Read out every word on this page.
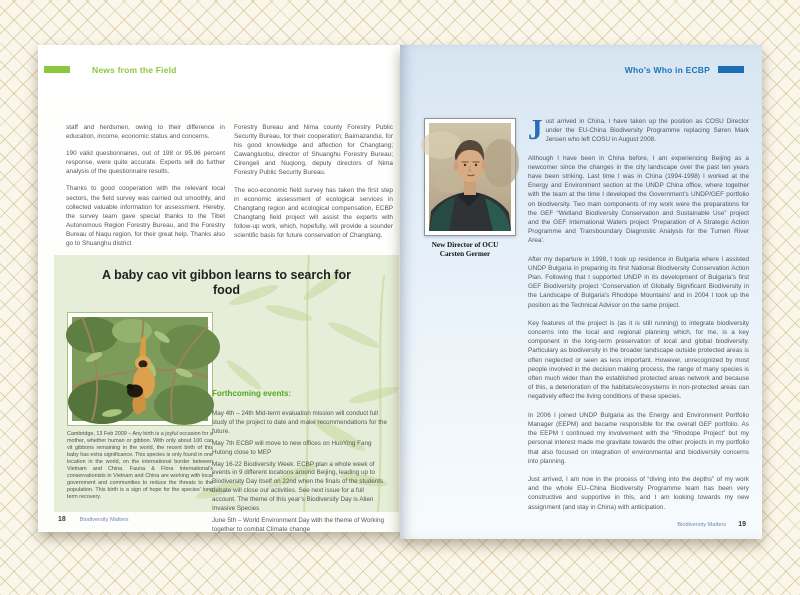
News from the Field

staff and herdsmen, owing to their difference in education, income, economic status and concerns.

190 valid questionnaires, out of 198 or 95.96 percent response, were quite accurate. Experts will do further analysis of the questionnaire results.

Thanks to good cooperation with the relevant local sectors, the field survey was carried out smoothly, and collected valuable information for assessment. Hereby, the survey team gave special thanks to the Tibet Autonomous Region Forestry Bureau, and the Forestry Bureau of Naqu region, for their great help. Thanks also go to Shuanghu district

Forestry Bureau and Nima county Forestry Public Security Bureau, for their cooperation; Baimazandui, for his good knowledge and affection for Changtang; Cawangluobu, director of Shuanghu Forestry Bureau; Cirengeli and Nuqiong, deputy directors of Nima Forestry Public Security Bureau.

The eco-economic field survey has taken the first step in economic assessment of ecological services in Changtang region and ecological compensation, ECBP Changtang field project will assist the experts with follow-up work, which, hopefully, will provide a sounder scientific basis for future conservation of Changtang.

A baby cao vit gibbon learns to search for food

Cambridge, 13 Feb 2009 – Any birth is a joyful occasion for a mother, whether human or gibbon. With only about 100 cao vit gibbons remaining in the world, the recent birth of this baby has extra significance. This species is only found in one location in the world, on the international border between Vietnam and China. Fauna & Flora International’s conservationists in Vietnam and China are working with local government and communities to reduce the threats to the population. This birth is a sign of hope for the species’ long term recovery.

Forthcoming events:

May 4th – 24th Mid-term evaluation mission will conduct full study of the project to date and make recommendations for the future.

May 7th ECBP will move to new offices on HuoYing Fang Hutong close to MEP

May 16-22 Biodiversity Week. ECBP plan a whole week of events in 9 different locations around Beijing, leading up to Biodiversity Day itself on 22nd when the finals of the students debate will close our activities. See next issue for a full account. The theme of this year’s Biodiversity Day is Alien Invasive Species

June 5th – World Environment Day with the theme of Working together to combat Climate change

18	Biodiversity Matters
Who’s Who in ECBP
New Director of OCU
Carsten Germer

Just arrived in China, I have taken up the position as COSU Director under the EU-China Biodiversity Programme replacing Søren Mark Jensen who left COSU in August 2008.

Although I have been in China before, I am experiencing Beijing as a newcomer since the changes in the city landscape over the past ten years have been striking. Last time I was in China (1994-1998) I worked at the Energy and Environment section at the UNDP China office, where together with the team at the time I developed the Government’s UNDP/GEF portfolio on biodiversity. Two main components of my work were the preparations for the GEF “Wetland Biodiversity Conservation and Sustainable Use” project and the GEF International Waters project ‘Preparation of A Strategic Action Programme and Transboundary Diagnostic Analysis for the Tumen River Area’.

After my departure in 1998, I took up residence in Bulgaria where I assisted UNDP Bulgaria in preparing its first National Biodiversity Conservation Action Plan. Following that I supported UNDP in its development of Bulgaria’s first GEF Biodiversity project ‘Conservation of Globally Significant Biodiversity in the Landscape of Bulgaria’s Rhodope Mountains’ and in 2004 I took up the position as the Technical Advisor on the same project.

Key features of the project is (as it is still running) to integrate biodiversity concerns into the local and regional planning which, for me, is a key component in the long-term preservation of local and global biodiversity. Particulary as biodiversity in the broader landscape outside protected areas is often neglected or seen as less important. However, unrecognized by most people involved in the decision making process, the range of many species is often much wider than the established protected areas network and because of this, a deterioration of the habitats/ecosystems in non-protected areas can negatively effect the living conditions of these species.

In 2006 I joined UNDP Bulgaria as the Energy and Environment Portfolio Manager (EEPM) and became responsible for the overall GEF portfolio. As the EEPM I continued my involvement with the “Rhodope Project” but my personal interest made me gravitate towards the other projects in my portfolio that also focused on integration of environmental and biodiversity concerns into planning.

Just arrived, I am now in the process of “diving into the depths” of my work and the whole EU–China Biodiversity Programme team has been very constructive and supportive in this, and I am looking towards my new assignment (and stay in China) with anticipation.

Biodiversity Matters 19
